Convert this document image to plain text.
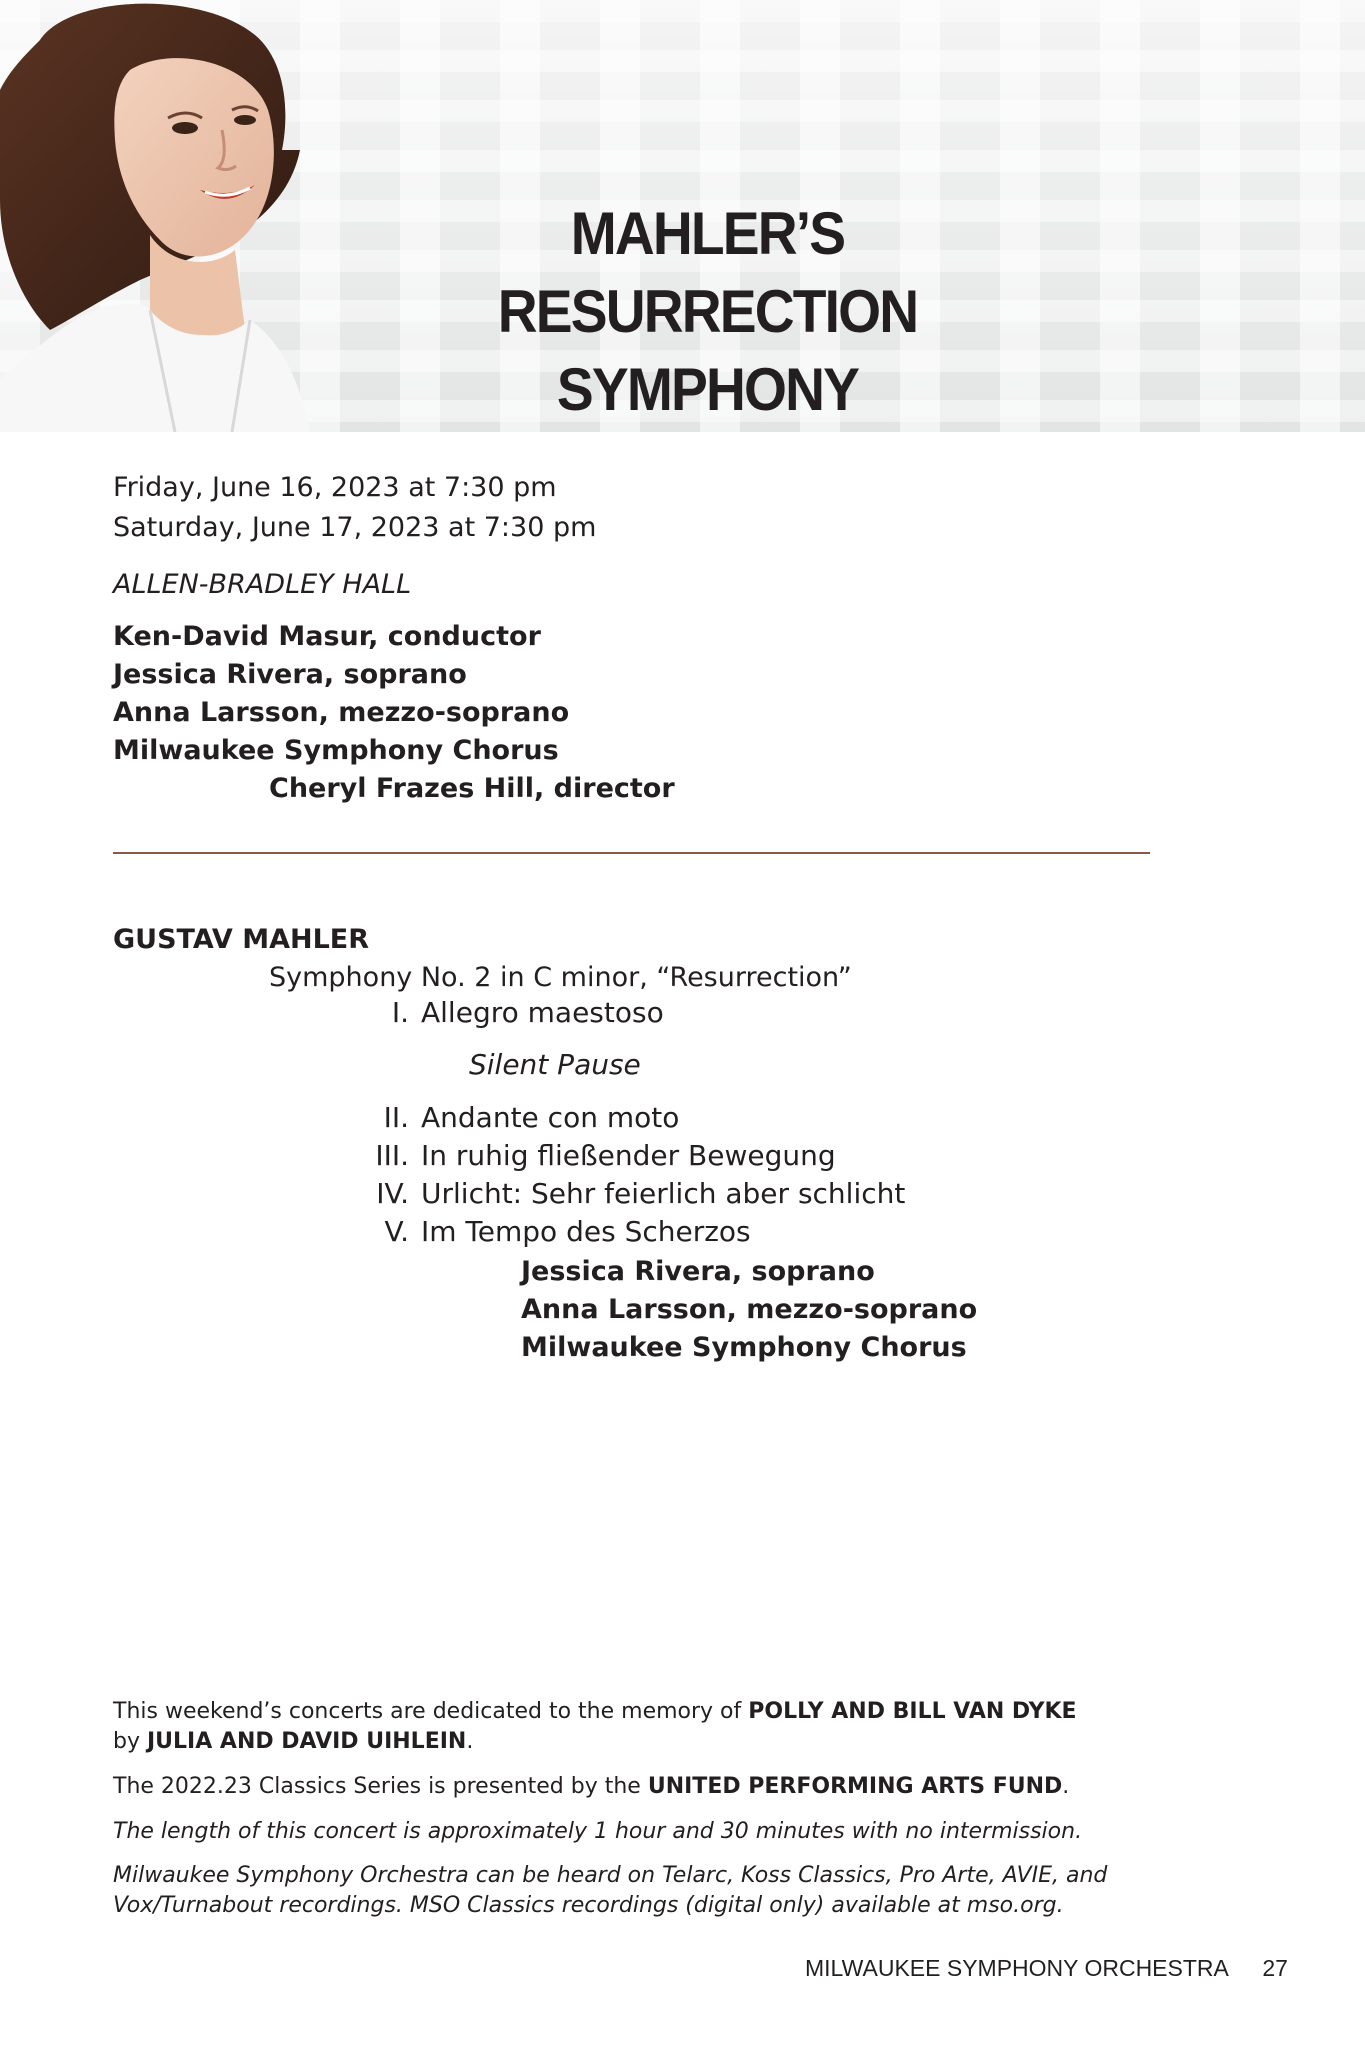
MAHLER’S RESURRECTION
SYMPHONY
Friday, June 16, 2023 at 7:30 pm
Saturday, June 17, 2023 at 7:30 pm
ALLEN-BRADLEY HALL
Ken-David Masur, conductor
Jessica Rivera, soprano
Anna Larsson, mezzo-soprano
Milwaukee Symphony Chorus
Cheryl Frazes Hill, director
GUSTAV MAHLER
Symphony No. 2 in C minor, “Resurrection”
I. Allegro maestoso
Silent Pause
II. Andante con moto
III. In ruhig fließender Bewegung
IV. Urlicht: Sehr feierlich aber schlicht
V. Im Tempo des Scherzos
Jessica Rivera, soprano
Anna Larsson, mezzo-soprano
Milwaukee Symphony Chorus
This weekend’s concerts are dedicated to the memory of POLLY AND BILL VAN DYKE
by JULIA AND DAVID UIHLEIN.
The 2022.23 Classics Series is presented by the UNITED PERFORMING ARTS FUND.
The length of this concert is approximately 1 hour and 30 minutes with no intermission.
Milwaukee Symphony Orchestra can be heard on Telarc, Koss Classics, Pro Arte, AVIE, and Vox/Turnabout recordings. MSO Classics recordings (digital only) available at mso.org.
MILWAUKEE SYMPHONY ORCHESTRA 27
